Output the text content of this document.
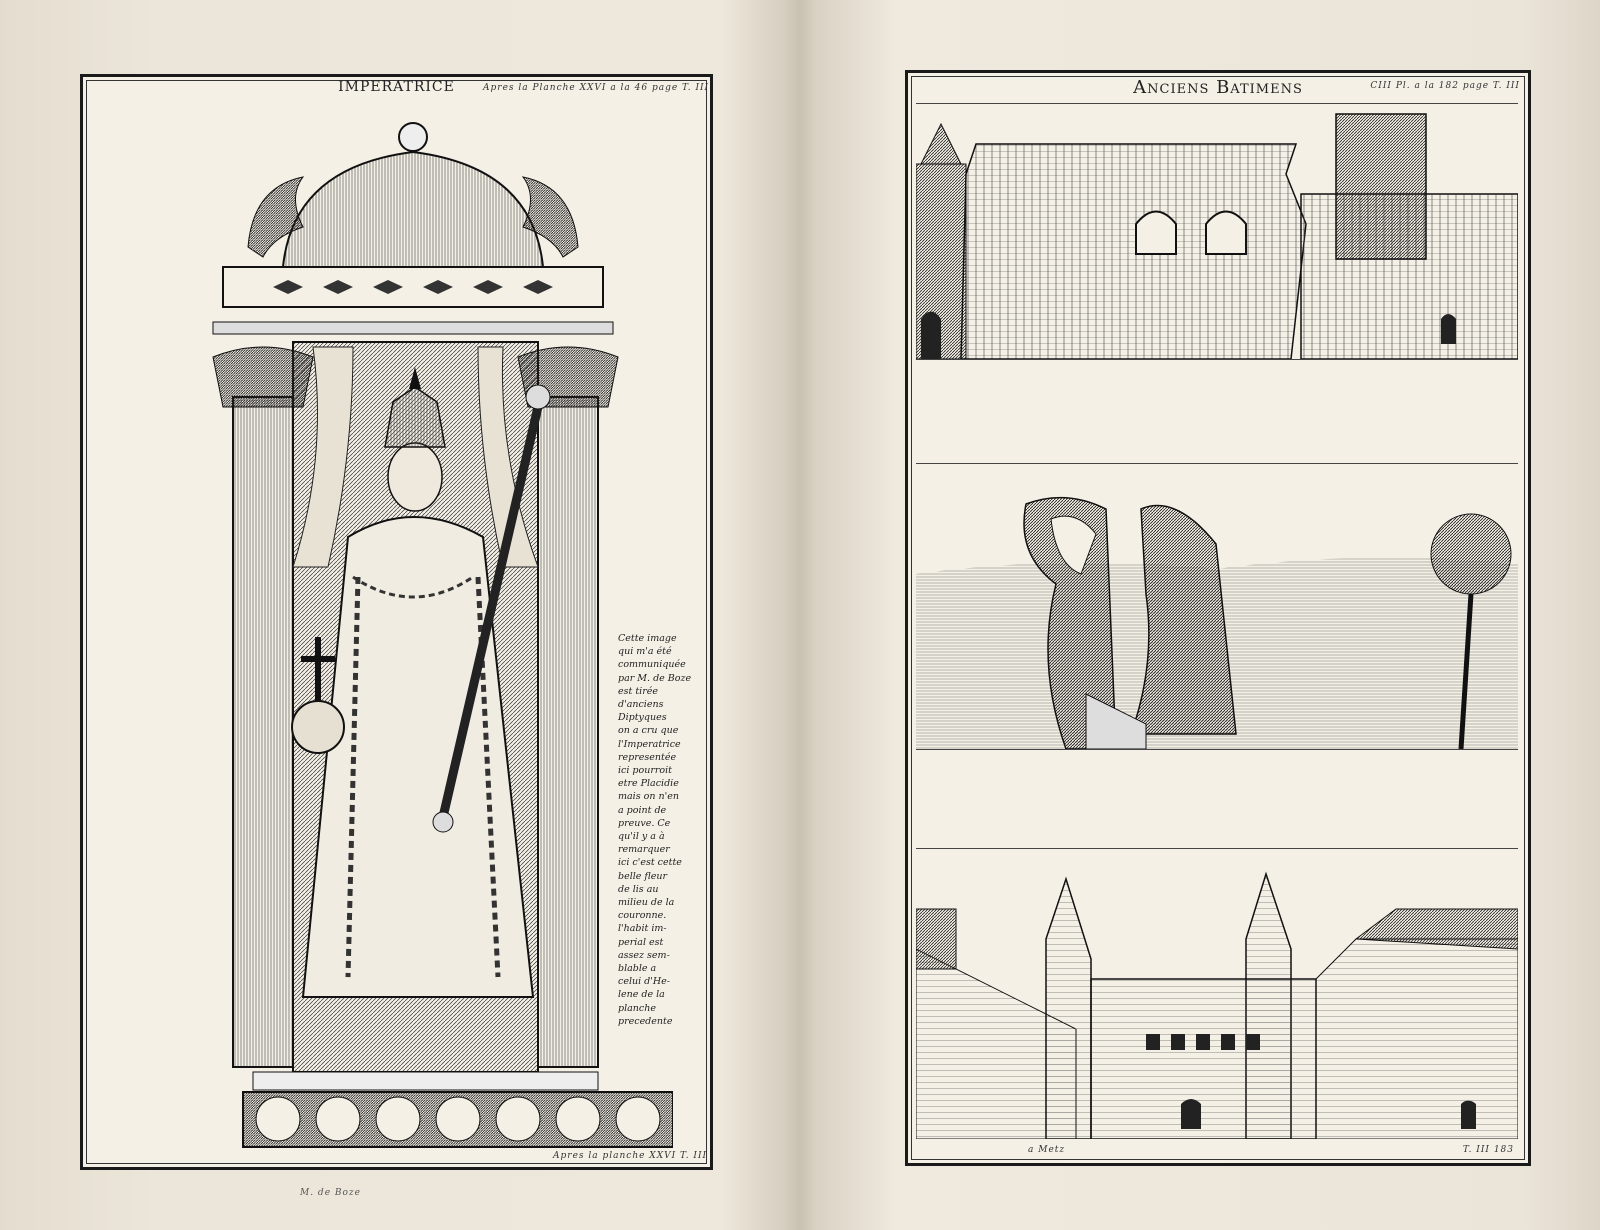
IMPERATRICE	Apres la Planche XXVI a la 46 page T. III
Cette image
qui m'a été
communiquée
par M. de Boze
est tirée
d'anciens
Diptyques
on a cru que
l'Imperatrice
representée
ici pourroit
etre Placidie
mais on n'en
a point de
preuve. Ce
qu'il y a à
remarquer
ici c'est cette
belle fleur
de lis au
milieu de la
couronne.
l'habit im-
perial est
assez sem-
blable a
celui d'He-
lene de la
planche
precedente
Apres la planche XXVI T. III
M. de Boze
Anciens Batimens	CIII Pl. a la 182 page T. III
a Metz	T. III 183
